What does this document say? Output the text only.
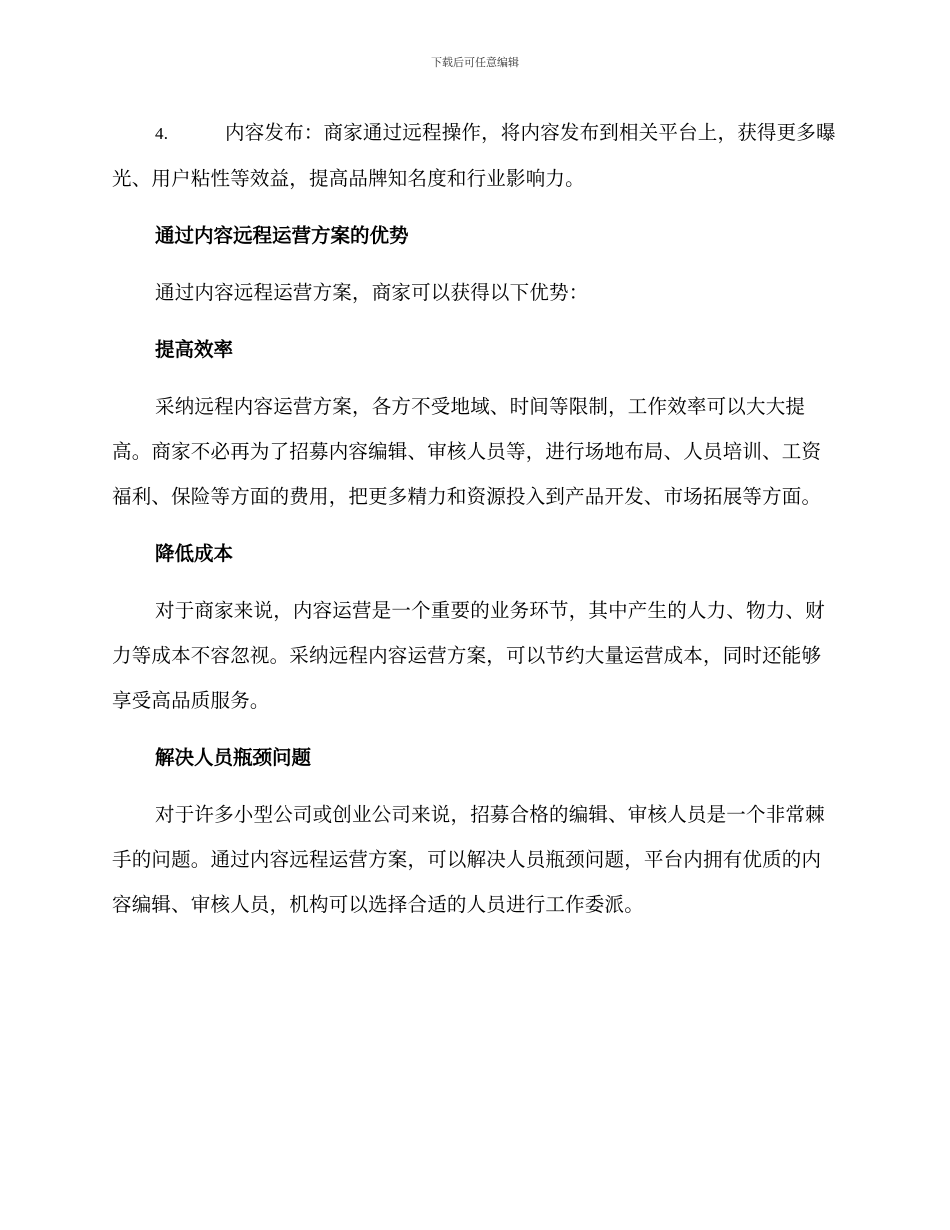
下载后可任意编辑

4.	内容发布：商家通过远程操作，将内容发布到相关平台上，获得更多曝光、用户粘性等效益，提高品牌知名度和行业影响力。

通过内容远程运营方案的优势

通过内容远程运营方案，商家可以获得以下优势：

提高效率

采纳远程内容运营方案，各方不受地域、时间等限制，工作效率可以大大提高。商家不必再为了招募内容编辑、审核人员等，进行场地布局、人员培训、工资福利、保险等方面的费用，把更多精力和资源投入到产品开发、市场拓展等方面。

降低成本

对于商家来说，内容运营是一个重要的业务环节，其中产生的人力、物力、财力等成本不容忽视。采纳远程内容运营方案，可以节约大量运营成本，同时还能够享受高品质服务。

解决人员瓶颈问题

对于许多小型公司或创业公司来说，招募合格的编辑、审核人员是一个非常棘手的问题。通过内容远程运营方案，可以解决人员瓶颈问题，平台内拥有优质的内容编辑、审核人员，机构可以选择合适的人员进行工作委派。
